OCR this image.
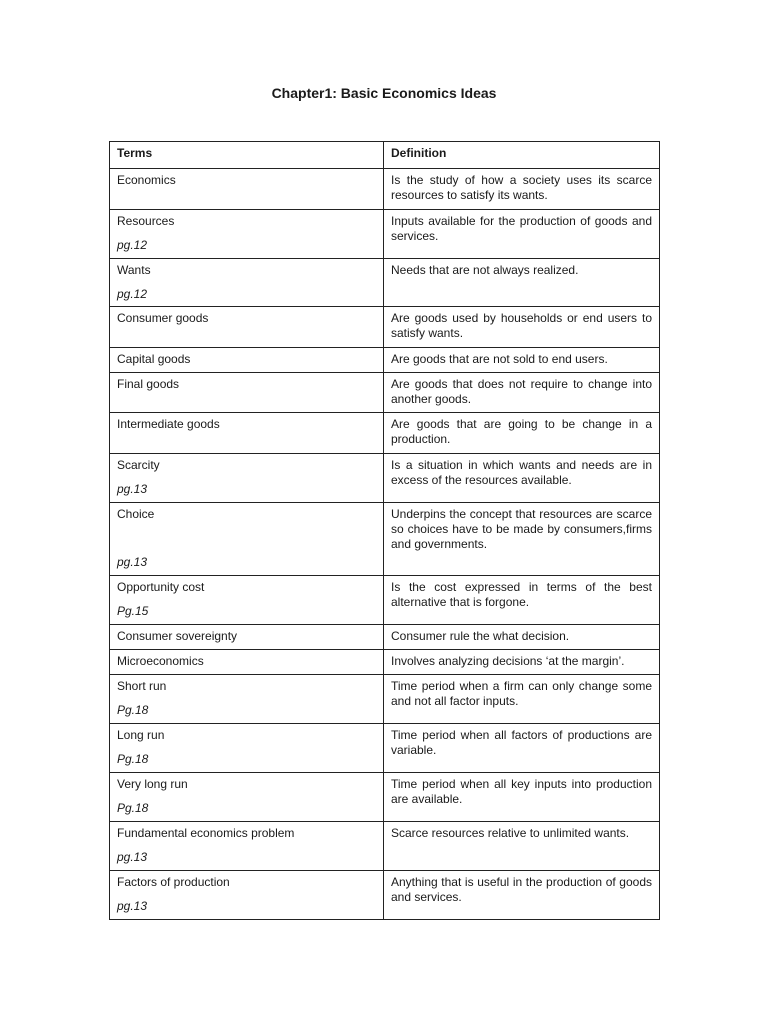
Chapter1: Basic Economics Ideas
Terms	Definition

Economics	Is the study of how a society uses its scarce resources to satisfy its wants.

Resources
pg.12	Inputs available for the production of goods and services.

Wants
pg.12	Needs that are not always realized.

Consumer goods	Are goods used by households or end users to satisfy wants.

Capital goods	Are goods that are not sold to end users.

Final goods	Are goods that does not require to change into another goods.

Intermediate goods	Are goods that are going to be change in a production.

Scarcity
pg.13	Is a situation in which wants and needs are in excess of the resources available.

Choice
pg.13	Underpins the concept that resources are scarce so choices have to be made by consumers,firms and governments.

Opportunity cost
Pg.15	Is the cost expressed in terms of the best alternative that is forgone.

Consumer sovereignty	Consumer rule the what decision.

Microeconomics	Involves analyzing decisions ‘at the margin’.

Short run
Pg.18	Time period when a firm can only change some and not all factor inputs.

Long run
Pg.18	Time period when all factors of productions are variable.

Very long run
Pg.18	Time period when all key inputs into production are available.

Fundamental economics problem
pg.13	Scarce resources relative to unlimited wants.

Factors of production
pg.13	Anything that is useful in the production of goods and services.
